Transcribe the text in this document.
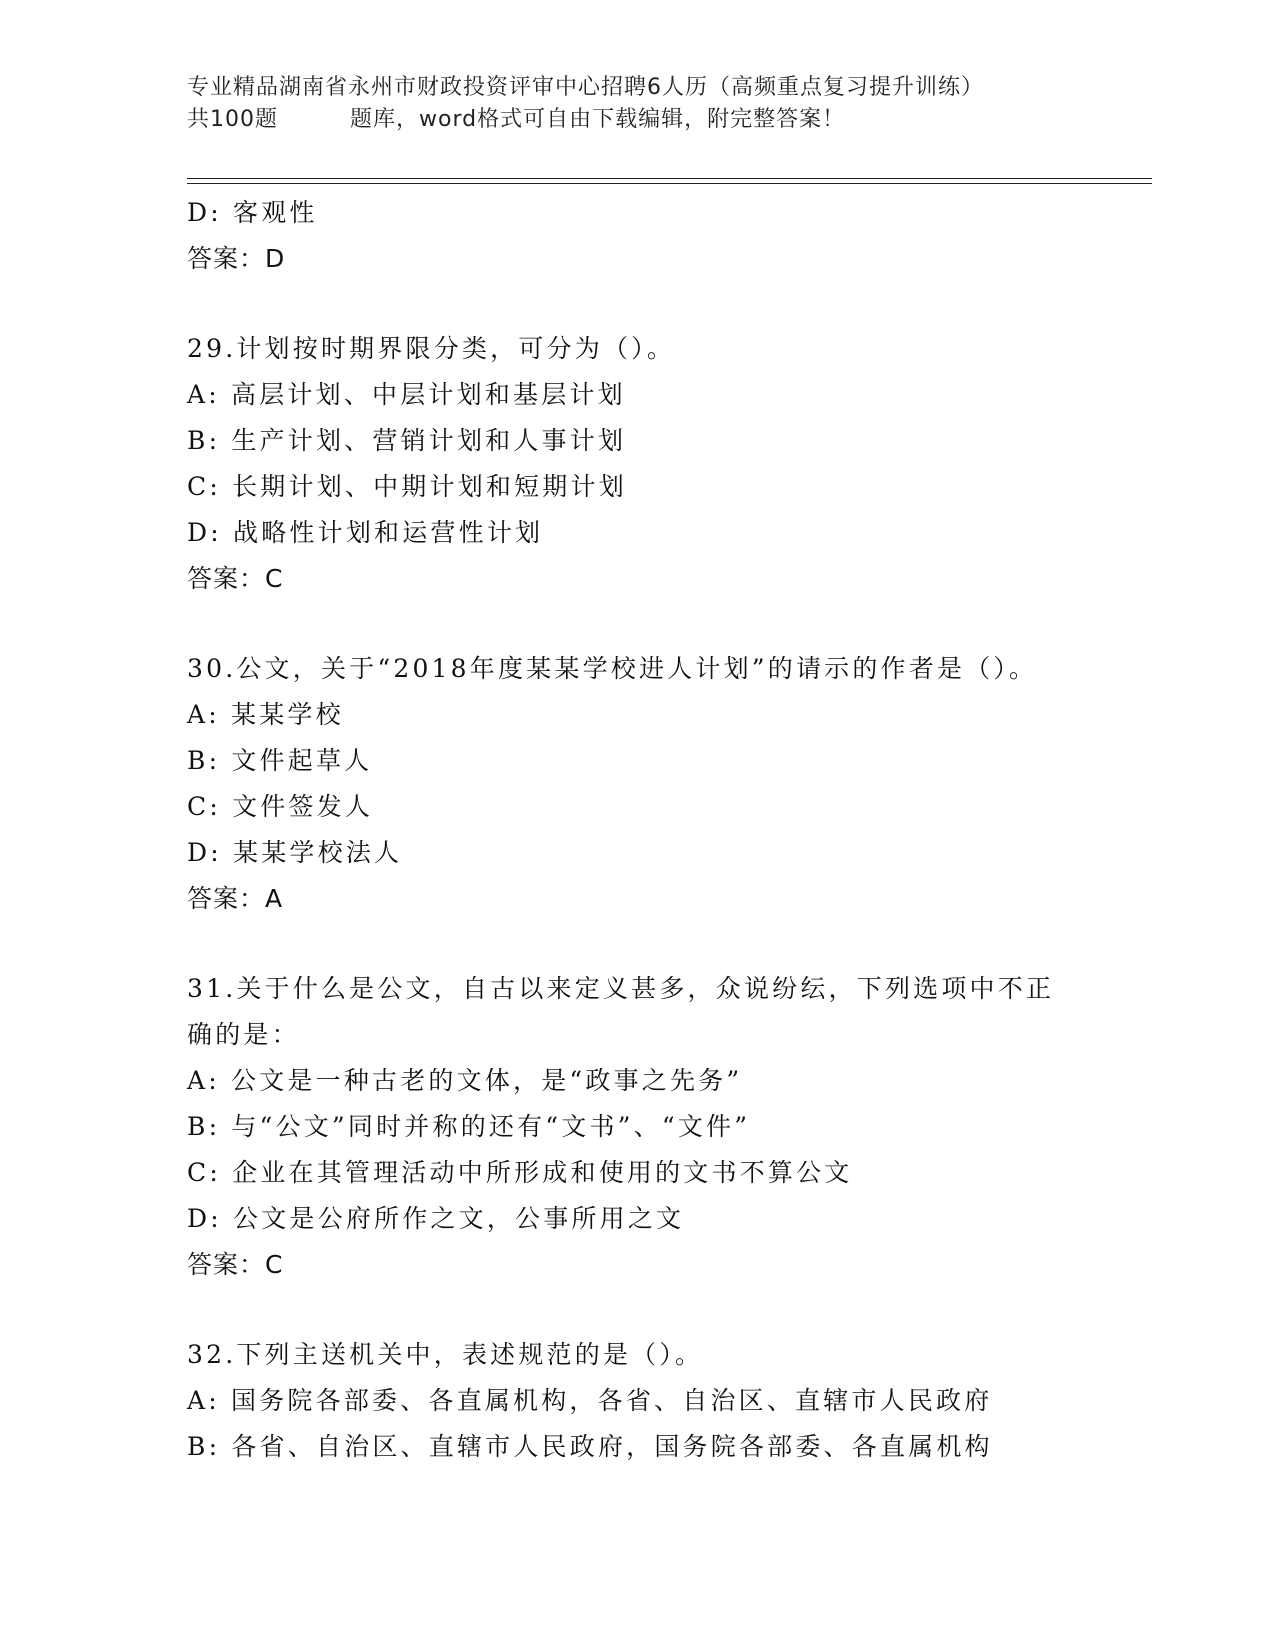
专业精品湖南省永州市财政投资评审中心招聘6人历（高频重点复习提升训练）
共100题	题库，word格式可自由下载编辑，附完整答案！
D: 客观性
答案：D
29.计划按时期界限分类，可分为（）。
A: 高层计划、中层计划和基层计划
B: 生产计划、营销计划和人事计划
C: 长期计划、中期计划和短期计划
D: 战略性计划和运营性计划
答案：C
30.公文，关于“2018年度某某学校进人计划”的请示的作者是（）。
A: 某某学校
B: 文件起草人
C: 文件签发人
D: 某某学校法人
答案：A
31.关于什么是公文，自古以来定义甚多，众说纷纭，下列选项中不正确的是：
A: 公文是一种古老的文体，是“政事之先务”
B: 与“公文”同时并称的还有“文书”、“文件”
C: 企业在其管理活动中所形成和使用的文书不算公文
D: 公文是公府所作之文，公事所用之文
答案：C
32.下列主送机关中，表述规范的是（）。
A: 国务院各部委、各直属机构，各省、自治区、直辖市人民政府
B: 各省、自治区、直辖市人民政府，国务院各部委、各直属机构
